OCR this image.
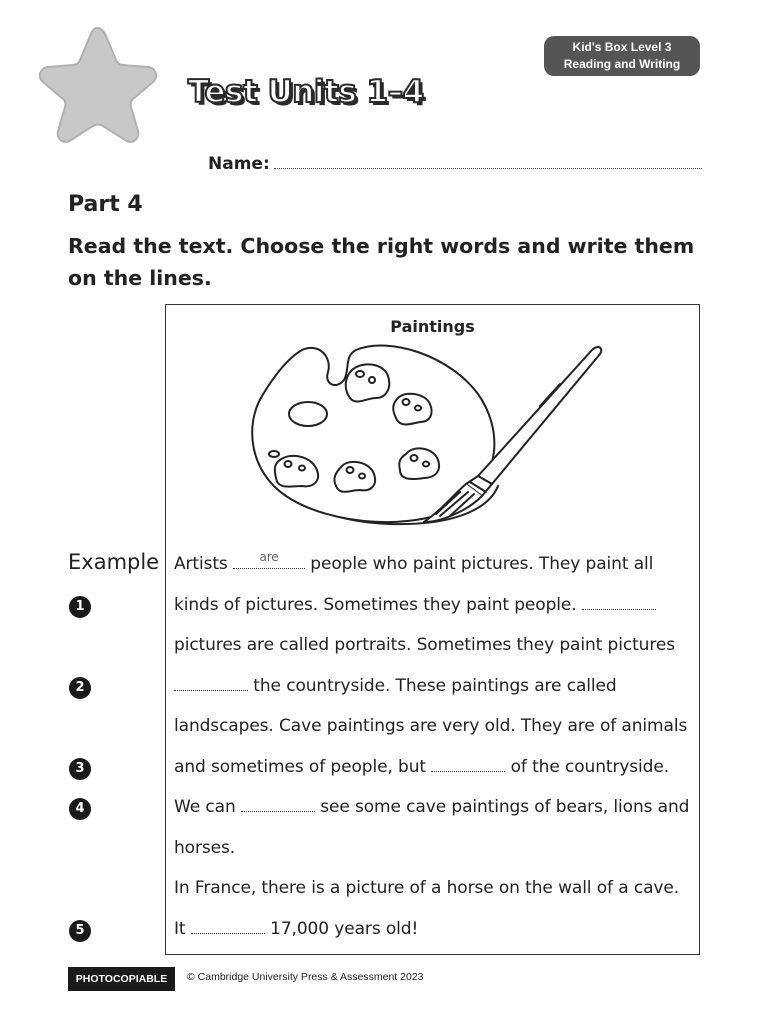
Test Units 1–4
Kid's Box Level 3
Reading and Writing
Name:
Part 4
Read the text. Choose the right words and write them on the lines.
Paintings
Example
1
2
3
4
5
Artists	are	people who paint pictures. They paint all
kinds of pictures. Sometimes they paint people.
pictures are called portraits. Sometimes they paint pictures
the countryside. These paintings are called
landscapes. Cave paintings are very old. They are of animals
and sometimes of people, but	of the countryside.
We can	see some cave paintings of bears, lions and
horses.
In France, there is a picture of a horse on the wall of a cave.
It	17,000 years old!
PHOTOCOPIABLE	© Cambridge University Press & Assessment 2023
